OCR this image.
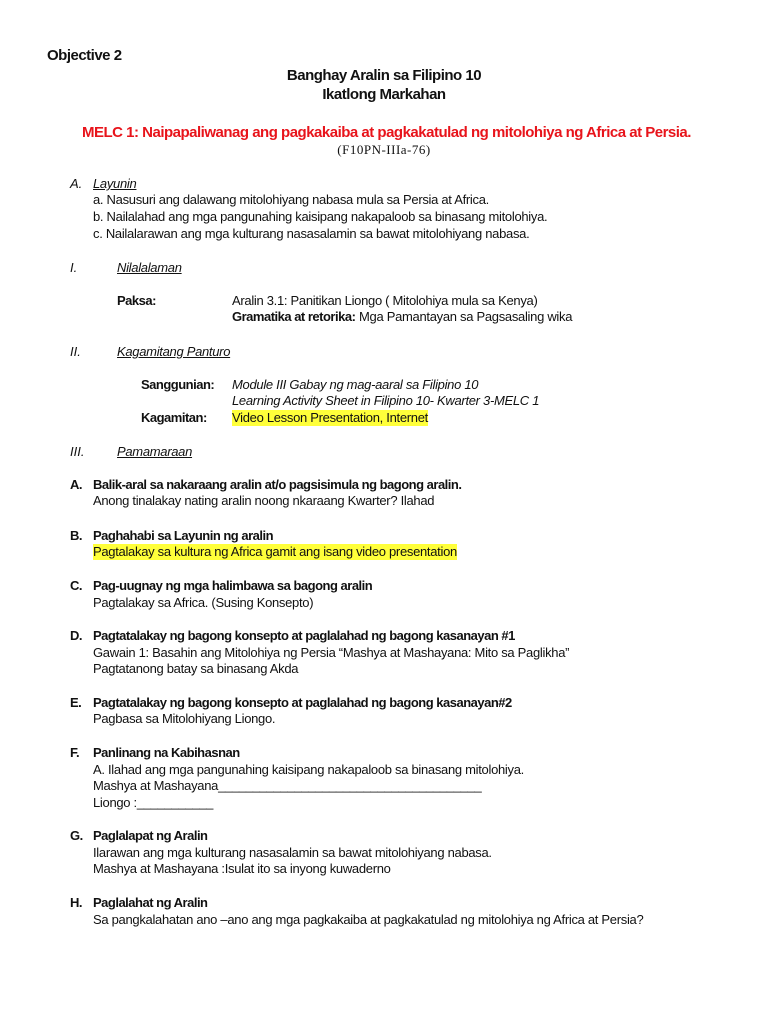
Objective 2
Banghay Aralin sa Filipino 10
Ikatlong Markahan
MELC 1: Naipapaliwanag ang pagkakaiba at pagkakatulad ng mitolohiya ng Africa at Persia.
(F10PN-IIIa-76)
A. Layunin
a. Nasusuri ang dalawang mitolohiyang nabasa mula sa Persia at Africa.
b. Nailalahad ang mga pangunahing kaisipang nakapaloob sa binasang mitolohiya.
c. Nailalarawan ang mga kulturang nasasalamin sa bawat mitolohiyang nabasa.
I.	Nilalalaman
Paksa:	Aralin 3.1: Panitikan Liongo ( Mitolohiya mula sa Kenya)
Gramatika at retorika: Mga Pamantayan sa Pagsasaling wika
II.	Kagamitang Panturo
Sanggunian: Module III Gabay ng mag-aaral sa Filipino 10
Learning Activity Sheet in Filipino 10- Kwarter 3-MELC 1
Kagamitan: Video Lesson Presentation, Internet
III.	Pamamaraan
A. Balik-aral sa nakaraang aralin at/o pagsisimula ng bagong aralin.
Anong tinalakay nating aralin noong nkaraang Kwarter? Ilahad
B. Paghahabi sa Layunin ng aralin
Pagtalakay sa kultura ng Africa gamit ang isang video presentation
C. Pag-uugnay ng mga halimbawa sa bagong aralin
Pagtalakay sa Africa. (Susing Konsepto)
D. Pagtatalakay ng bagong konsepto at paglalahad ng bagong kasanayan #1
Gawain 1: Basahin ang Mitolohiya ng Persia “Mashya at Mashayana: Mito sa Paglikha”
Pagtatanong batay sa binasang Akda
E. Pagtatalakay ng bagong konsepto at paglalahad ng bagong kasanayan#2
Pagbasa sa Mitolohiyang Liongo.
F. Panlinang na Kabihasnan
A. Ilahad ang mga pangunahing kaisipang nakapaloob sa binasang mitolohiya.
Mashya at Mashayana______________________________________
Liongo :___________
G. Paglalapat ng Aralin
Ilarawan ang mga kulturang nasasalamin sa bawat mitolohiyang nabasa.
Mashya at Mashayana :Isulat ito sa inyong kuwaderno
H. Paglalahat ng Aralin
Sa pangkalahatan ano –ano ang mga pagkakaiba at pagkakatulad ng mitolohiya ng Africa at Persia?
